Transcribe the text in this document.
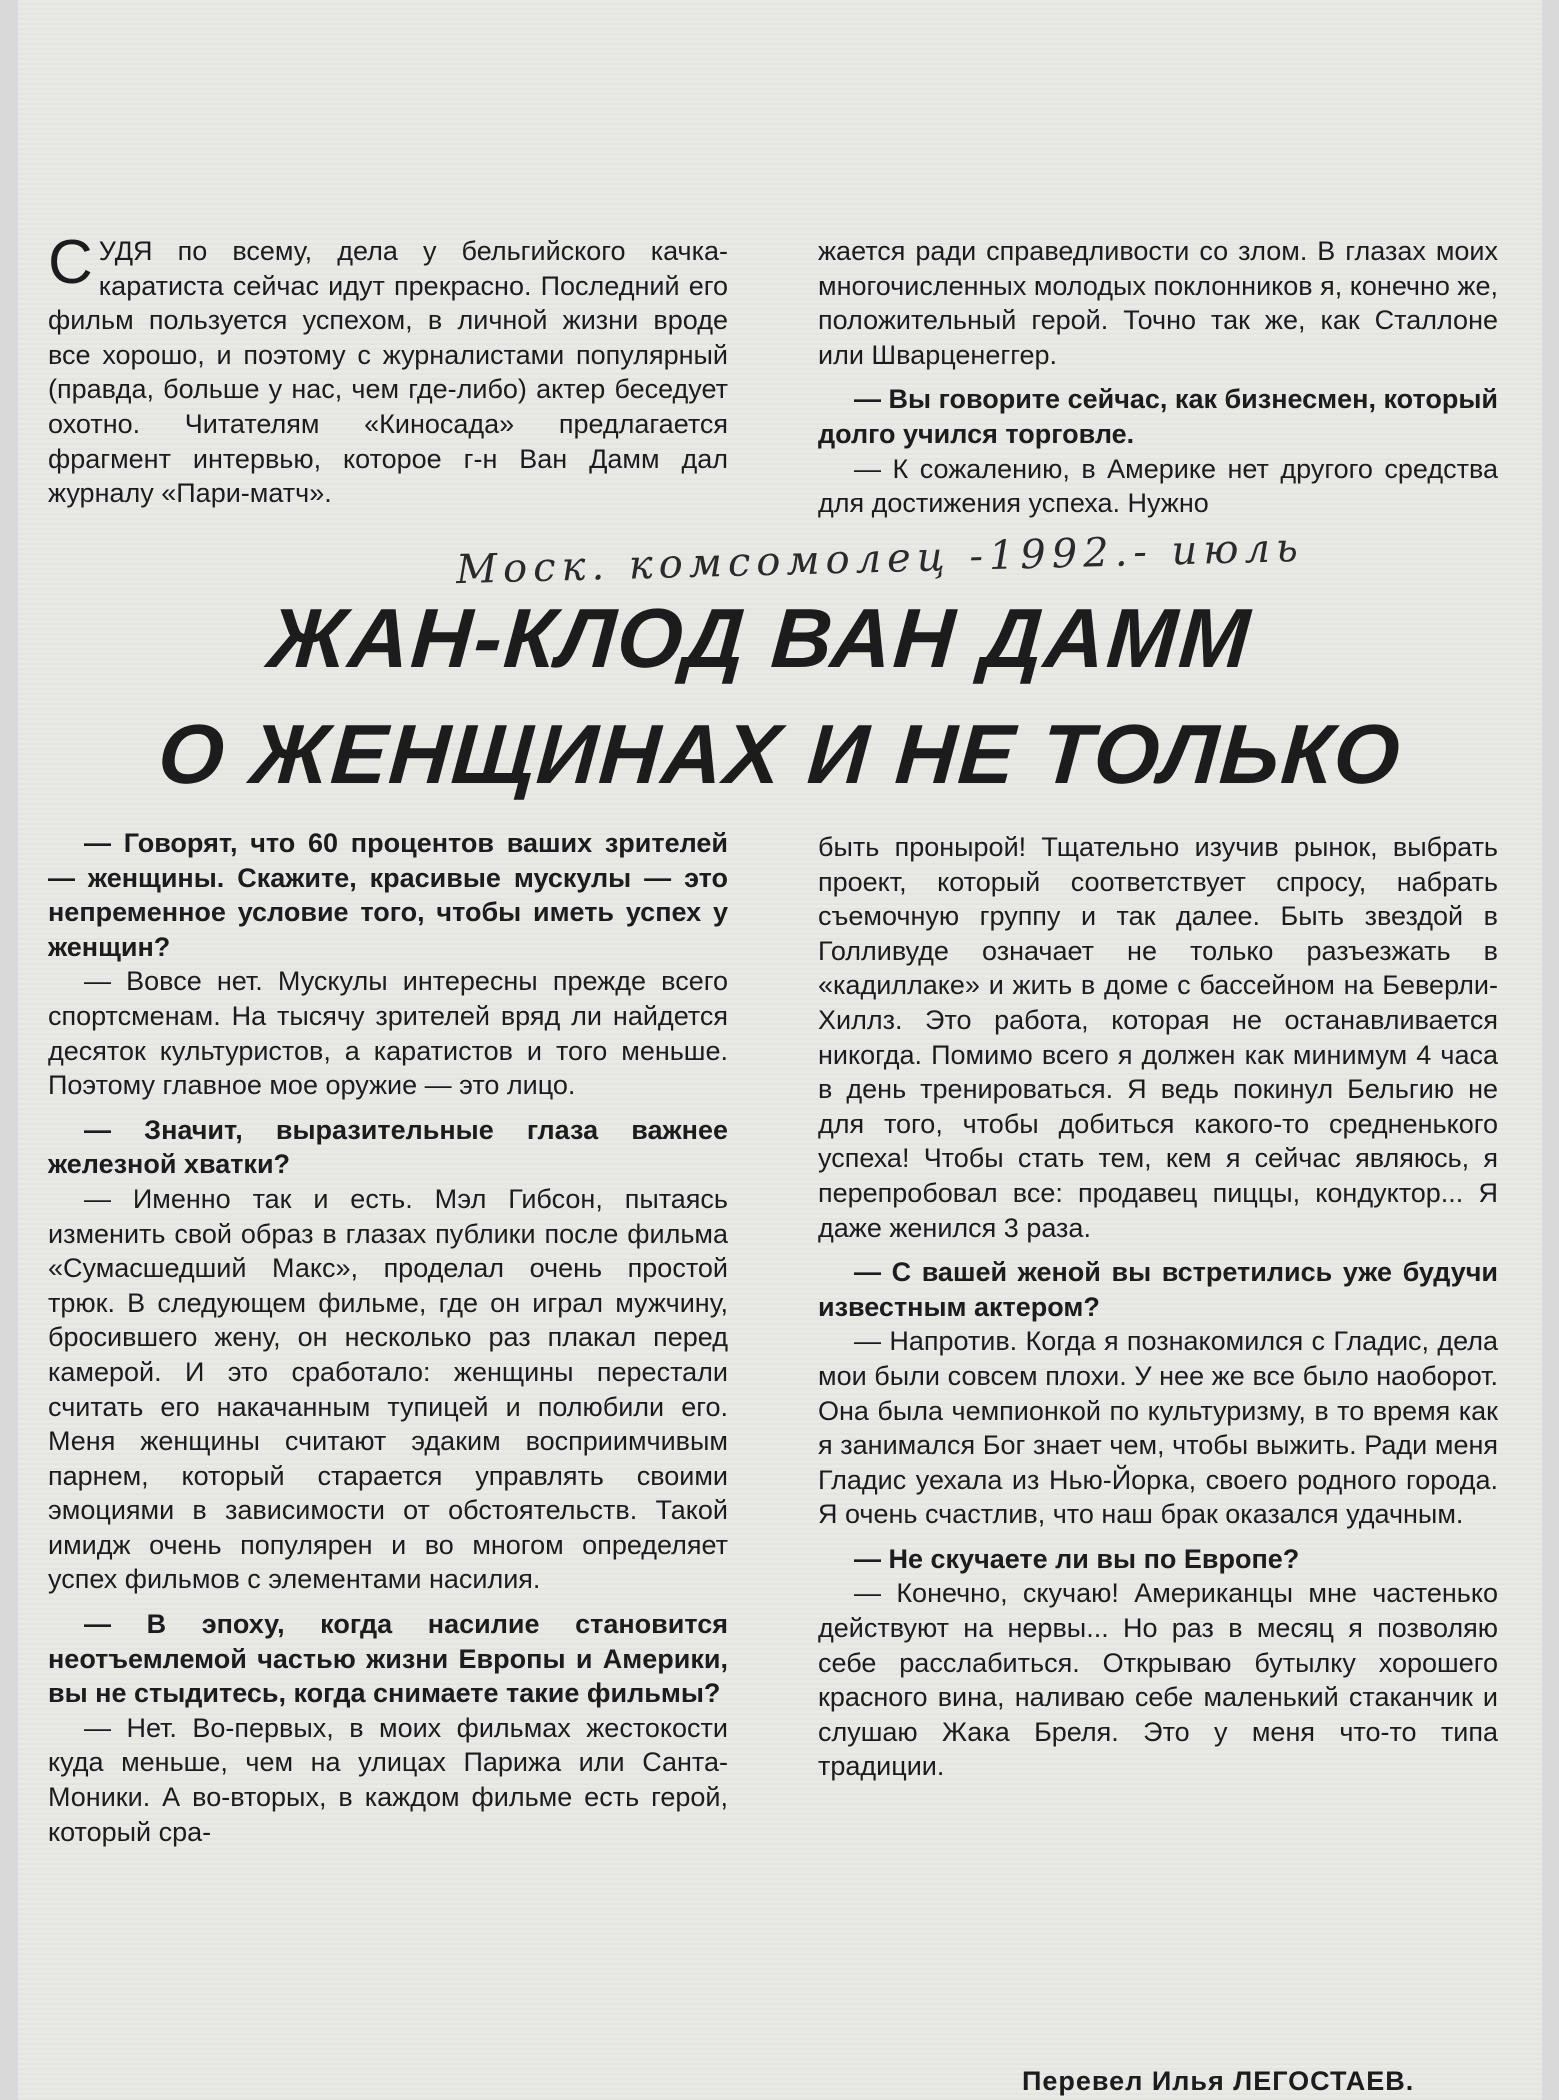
СУДЯ по всему, дела у бельгийского качка-каратиста сейчас идут прекрасно. Последний его фильм пользуется успехом, в личной жизни вроде все хорошо, и поэтому с журналистами популярный (правда, больше у нас, чем где-либо) актер беседует охотно. Читателям «Киносада» предлагается фрагмент интервью, которое г-н Ван Дамм дал журналу «Пари-матч».

жается ради справедливости со злом. В глазах моих многочисленных молодых поклонников я, конечно же, положительный герой. Точно так же, как Сталлоне или Шварценеггер.

— Вы говорите сейчас, как бизнесмен, который долго учился торговле.

— К сожалению, в Америке нет другого средства для достижения успеха. Нужно

Моск. комсомолец -1992.- июль
ЖАН-КЛОД ВАН ДАММ
О ЖЕНЩИНАХ И НЕ ТОЛЬКО

— Говорят, что 60 процентов ваших зрителей — женщины. Скажите, красивые мускулы — это непременное условие того, чтобы иметь успех у женщин?

— Вовсе нет. Мускулы интересны прежде всего спортсменам. На тысячу зрителей вряд ли найдется десяток культуристов, а каратистов и того меньше. Поэтому главное мое оружие — это лицо.

— Значит, выразительные глаза важнее железной хватки?

— Именно так и есть. Мэл Гибсон, пытаясь изменить свой образ в глазах публики после фильма «Сумасшедший Макс», проделал очень простой трюк. В следующем фильме, где он играл мужчину, бросившего жену, он несколько раз плакал перед камерой. И это сработало: женщины перестали считать его накачанным тупицей и полюбили его. Меня женщины считают эдаким восприимчивым парнем, который старается управлять своими эмоциями в зависимости от обстоятельств. Такой имидж очень популярен и во многом определяет успех фильмов с элементами насилия.

— В эпоху, когда насилие становится неотъемлемой частью жизни Европы и Америки, вы не стыдитесь, когда снимаете такие фильмы?

— Нет. Во-первых, в моих фильмах жестокости куда меньше, чем на улицах Парижа или Санта-Моники. А во-вторых, в каждом фильме есть герой, который сра-

быть пронырой! Тщательно изучив рынок, выбрать проект, который соответствует спросу, набрать съемочную группу и так далее. Быть звездой в Голливуде означает не только разъезжать в «кадиллаке» и жить в доме с бассейном на Беверли-Хиллз. Это работа, которая не останавливается никогда. Помимо всего я должен как минимум 4 часа в день тренироваться. Я ведь покинул Бельгию не для того, чтобы добиться какого-то средненького успеха! Чтобы стать тем, кем я сейчас являюсь, я перепробовал все: продавец пиццы, кондуктор... Я даже женился 3 раза.

— С вашей женой вы встретились уже будучи известным актером?

— Напротив. Когда я познакомился с Гладис, дела мои были совсем плохи. У нее же все было наоборот. Она была чемпионкой по культуризму, в то время как я занимался Бог знает чем, чтобы выжить. Ради меня Гладис уехала из Нью-Йорка, своего родного города. Я очень счастлив, что наш брак оказался удачным.

— Не скучаете ли вы по Европе?

— Конечно, скучаю! Американцы мне частенько действуют на нервы... Но раз в месяц я позволяю себе расслабиться. Открываю бутылку хорошего красного вина, наливаю себе маленький стаканчик и слушаю Жака Бреля. Это у меня что-то типа традиции.

Перевел Илья ЛЕГОСТАЕВ.
